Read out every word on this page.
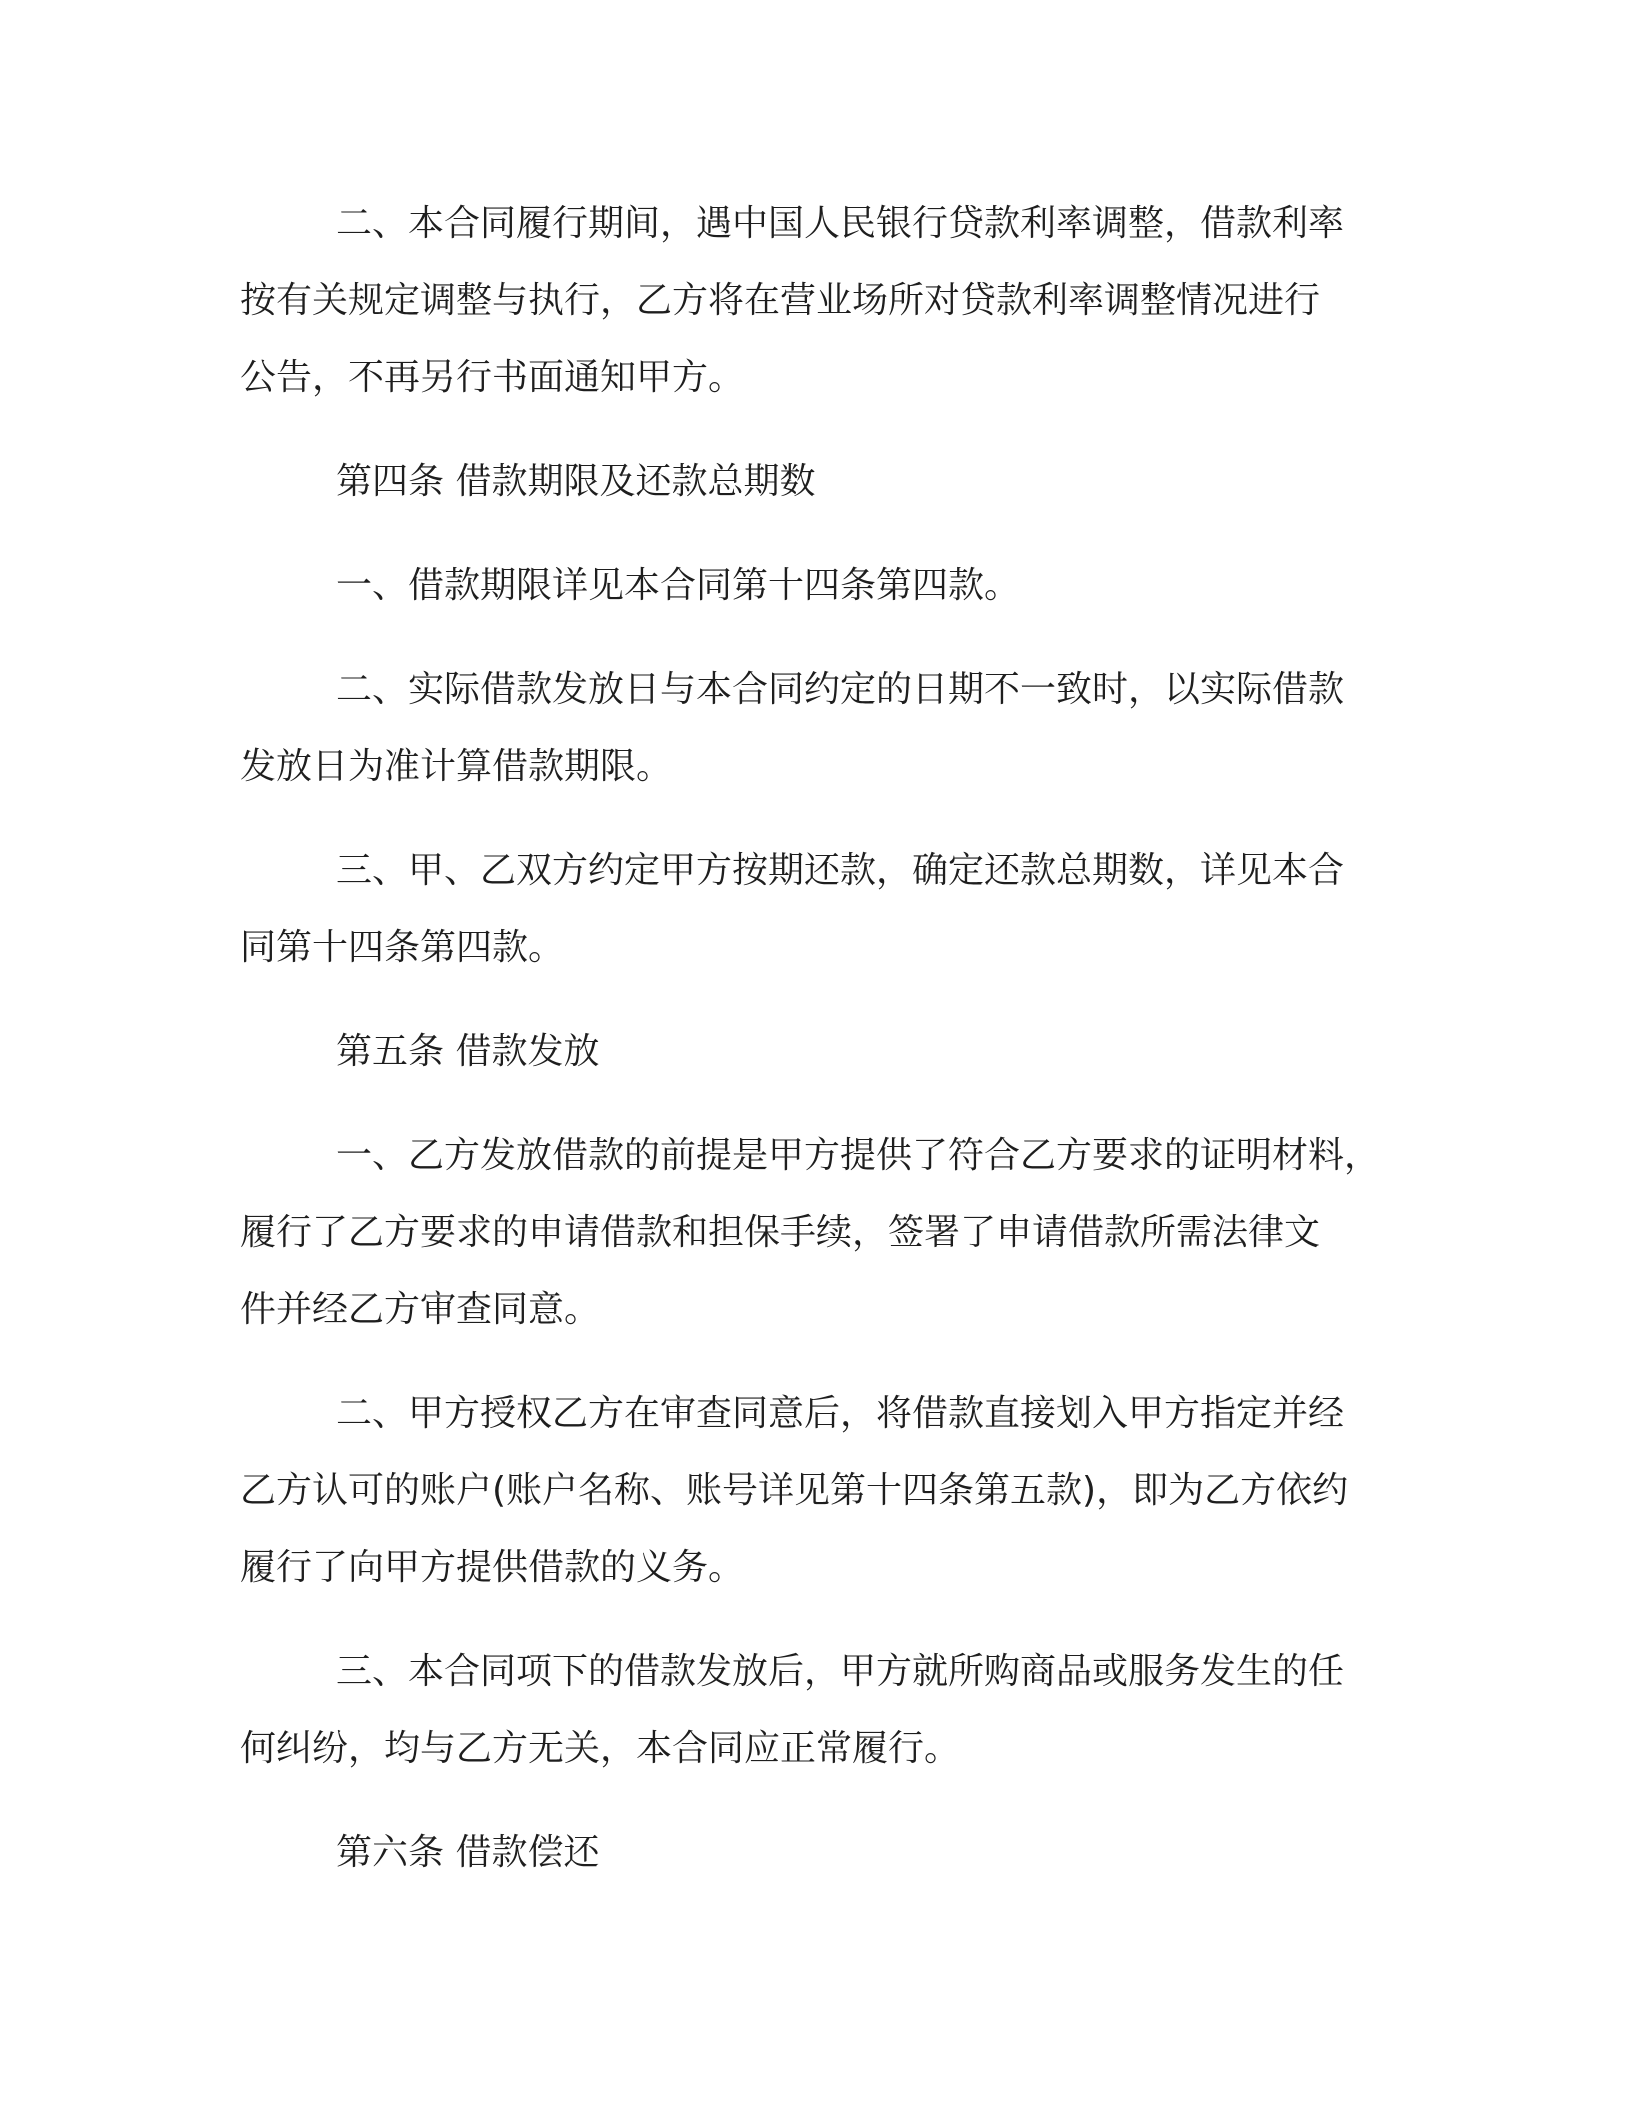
二、本合同履行期间，遇中国人民银行贷款利率调整，借款利率
按有关规定调整与执行，乙方将在营业场所对贷款利率调整情况进行
公告，不再另行书面通知甲方。
第四条 借款期限及还款总期数
一、借款期限详见本合同第十四条第四款。
二、实际借款发放日与本合同约定的日期不一致时，以实际借款
发放日为准计算借款期限。
三、甲、乙双方约定甲方按期还款，确定还款总期数，详见本合
同第十四条第四款。
第五条 借款发放
一、乙方发放借款的前提是甲方提供了符合乙方要求的证明材料，
履行了乙方要求的申请借款和担保手续，签署了申请借款所需法律文
件并经乙方审查同意。
二、甲方授权乙方在审查同意后，将借款直接划入甲方指定并经
乙方认可的账户(账户名称、账号详见第十四条第五款)，即为乙方依约
履行了向甲方提供借款的义务。
三、本合同项下的借款发放后，甲方就所购商品或服务发生的任
何纠纷，均与乙方无关，本合同应正常履行。
第六条 借款偿还
